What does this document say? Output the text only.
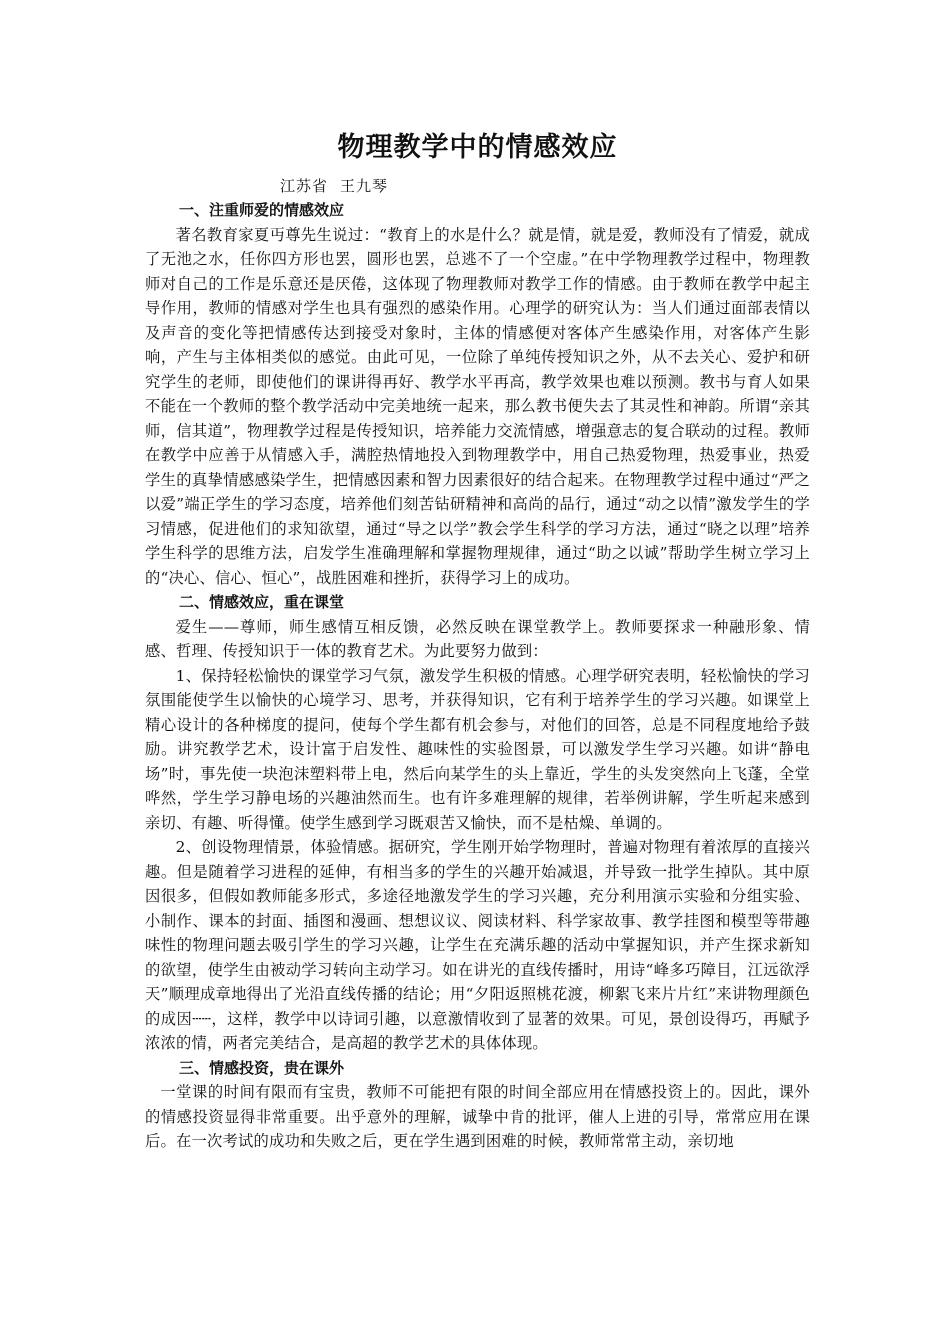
物理教学中的情感效应
江苏省 王九琴
一、注重师爱的情感效应

著名教育家夏丏尊先生说过：“教育上的水是什么？就是情，就是爱，教师没有了情爱，就成了无池之水，任你四方形也罢，圆形也罢，总逃不了一个空虚。”在中学物理教学过程中，物理教师对自己的工作是乐意还是厌倦，这体现了物理教师对教学工作的情感。由于教师在教学中起主导作用，教师的情感对学生也具有强烈的感染作用。心理学的研究认为：当人们通过面部表情以及声音的变化等把情感传达到接受对象时，主体的情感便对客体产生感染作用，对客体产生影响，产生与主体相类似的感觉。由此可见，一位除了单纯传授知识之外，从不去关心、爱护和研究学生的老师，即使他们的课讲得再好、教学水平再高，教学效果也难以预测。教书与育人如果不能在一个教师的整个教学活动中完美地统一起来，那么教书便失去了其灵性和神韵。所谓“亲其师，信其道”，物理教学过程是传授知识，培养能力交流情感，增强意志的复合联动的过程。教师在教学中应善于从情感入手，满腔热情地投入到物理教学中，用自己热爱物理，热爱事业，热爱学生的真挚情感感染学生，把情感因素和智力因素很好的结合起来。在物理教学过程中通过“严之以爱”端正学生的学习态度，培养他们刻苦钻研精神和高尚的品行，通过“动之以情”激发学生的学习情感，促进他们的求知欲望，通过“导之以学”教会学生科学的学习方法，通过“晓之以理”培养学生科学的思维方法，启发学生准确理解和掌握物理规律，通过“助之以诚”帮助学生树立学习上的“决心、信心、恒心”，战胜困难和挫折，获得学习上的成功。

二、情感效应，重在课堂

爱生——尊师，师生感情互相反馈，必然反映在课堂教学上。教师要探求一种融形象、情感、哲理、传授知识于一体的教育艺术。为此要努力做到：

1、保持轻松愉快的课堂学习气氛，激发学生积极的情感。心理学研究表明，轻松愉快的学习氛围能使学生以愉快的心境学习、思考，并获得知识，它有利于培养学生的学习兴趣。如课堂上精心设计的各种梯度的提问，使每个学生都有机会参与，对他们的回答，总是不同程度地给予鼓励。讲究教学艺术，设计富于启发性、趣味性的实验图景，可以激发学生学习兴趣。如讲“静电场”时，事先使一块泡沫塑料带上电，然后向某学生的头上靠近，学生的头发突然向上飞蓬，全堂哗然，学生学习静电场的兴趣油然而生。也有许多难理解的规律，若举例讲解，学生听起来感到亲切、有趣、听得懂。使学生感到学习既艰苦又愉快，而不是枯燥、单调的。

2、创设物理情景，体验情感。据研究，学生刚开始学物理时，普遍对物理有着浓厚的直接兴趣。但是随着学习进程的延伸，有相当多的学生的兴趣开始减退，并导致一批学生掉队。其中原因很多，但假如教师能多形式，多途径地激发学生的学习兴趣，充分利用演示实验和分组实验、小制作、课本的封面、插图和漫画、想想议议、阅读材料、科学家故事、教学挂图和模型等带趣味性的物理问题去吸引学生的学习兴趣，让学生在充满乐趣的活动中掌握知识，并产生探求新知的欲望，使学生由被动学习转向主动学习。如在讲光的直线传播时，用诗“峰多巧障目，江远欲浮天”顺理成章地得出了光沿直线传播的结论；用“夕阳返照桃花渡，柳絮飞来片片红”来讲物理颜色的成因┄┄，这样，教学中以诗词引趣，以意激情收到了显著的效果。可见，景创设得巧，再赋予浓浓的情，两者完美结合，是高超的教学艺术的具体体现。

三、情感投资，贵在课外

一堂课的时间有限而有宝贵，教师不可能把有限的时间全部应用在情感投资上的。因此，课外的情感投资显得非常重要。出乎意外的理解，诚挚中肯的批评，催人上进的引导，常常应用在课后。在一次考试的成功和失败之后，更在学生遇到困难的时候，教师常常主动，亲切地
